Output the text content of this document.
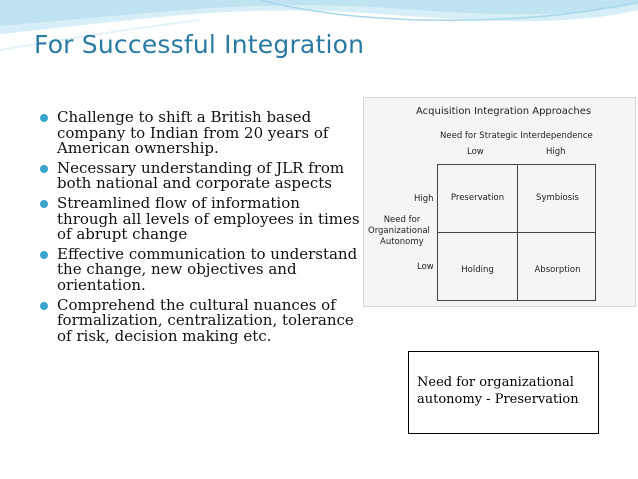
For Successful Integration
Challenge to shift a British based company to Indian from 20 years of American ownership.
Necessary understanding of JLR from both national and corporate aspects
Streamlined flow of information through all levels of employees in times of abrupt change
Effective communication to understand the change, new objectives and orientation.
Comprehend the cultural nuances of formalization, centralization, tolerance of risk, decision making etc.
Acquisition Integration Approaches
Need for Strategic Interdependence
Low	High
High
Low
Need for
Organizational
Autonomy
Preservation	Symbiosis
Holding	Absorption
Need for organizational autonomy - Preservation
